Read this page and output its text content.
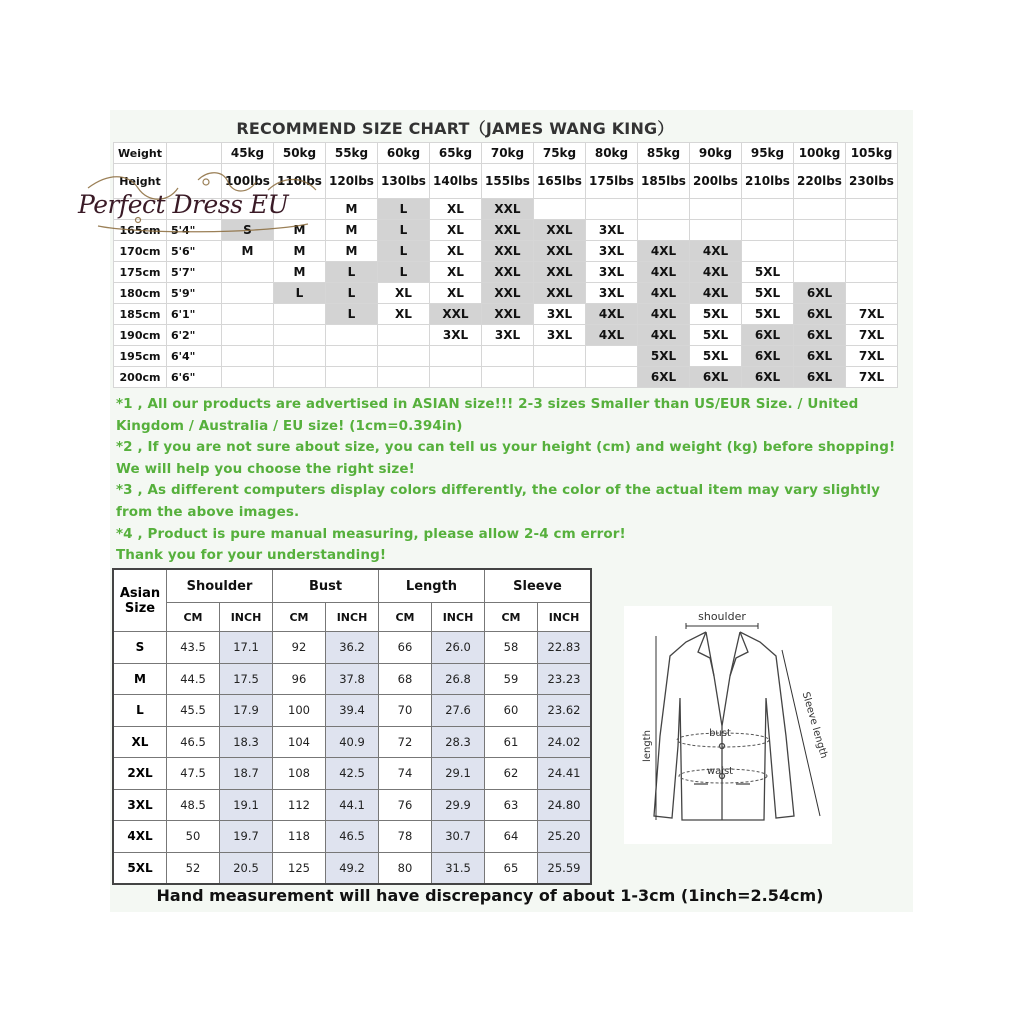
RECOMMEND SIZE CHART（JAMES WANG KING）
Weight		45kg	50kg	55kg	60kg	65kg	70kg	75kg	80kg	85kg	90kg	95kg	100kg	105kg
Height		100lbs	110lbs	120lbs	130lbs	140lbs	155lbs	165lbs	175lbs	185lbs	200lbs	210lbs	220lbs	230lbs
				M	L	XL	XXL							
165cm	5'4"	S	M	M	L	XL	XXL	XXL	3XL					
170cm	5'6"	M	M	M	L	XL	XXL	XXL	3XL	4XL	4XL			
175cm	5'7"		M	L	L	XL	XXL	XXL	3XL	4XL	4XL	5XL		
180cm	5'9"		L	L	XL	XL	XXL	XXL	3XL	4XL	4XL	5XL	6XL	
185cm	6'1"			L	XL	XXL	XXL	3XL	4XL	4XL	5XL	5XL	6XL	7XL
190cm	6'2"					3XL	3XL	3XL	4XL	4XL	5XL	6XL	6XL	7XL
195cm	6'4"									5XL	5XL	6XL	6XL	7XL
200cm	6'6"									6XL	6XL	6XL	6XL	7XL
Perfect Dress EU

*1 , All our products are advertised in ASIAN size!!! 2-3 sizes Smaller than US/EUR Size. / United Kingdom / Australia / EU size! (1cm=0.394in)

*2 , If you are not sure about size, you can tell us your height (cm) and weight (kg) before shopping! We will help you choose the right size!

*3 , As different computers display colors differently, the color of the actual item may vary slightly from the above images.

*4 , Product is pure manual measuring, please allow 2-4 cm error!

Thank you for your understanding!

Asian
Size	Shoulder		Bust		Length		Sleeve	
	CM	INCH	CM	INCH	CM	INCH	CM	INCH
S	43.5	17.1	92	36.2	66	26.0	58	22.83
M	44.5	17.5	96	37.8	68	26.8	59	23.23
L	45.5	17.9	100	39.4	70	27.6	60	23.62
XL	46.5	18.3	104	40.9	72	28.3	61	24.02
2XL	47.5	18.7	108	42.5	74	29.1	62	24.41
3XL	48.5	19.1	112	44.1	76	29.9	63	24.80
4XL	50	19.7	118	46.5	78	30.7	64	25.20
5XL	52	20.5	125	49.2	80	31.5	65	25.59
shoulder
bust
waist
length	Sleeve length
Hand measurement will have discrepancy of about 1-3cm (1inch=2.54cm)
